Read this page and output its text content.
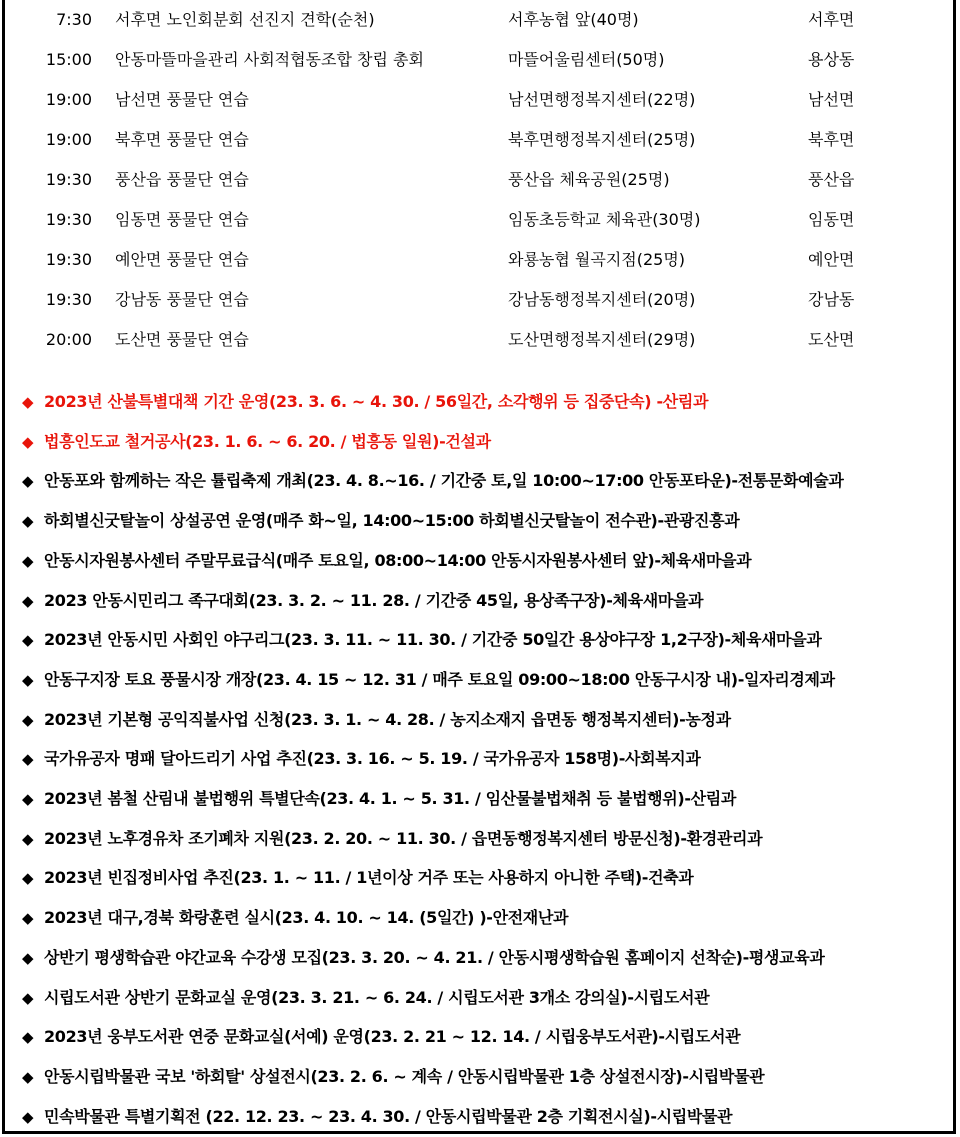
7:30 서후면 노인회분회 선진지 견학(순천)	서후농협 앞(40명)	서후면
15:00 안동마뜰마을관리 사회적협동조합 창립 총회	마뜰어울림센터(50명)	용상동
19:00 남선면 풍물단 연습	남선면행정복지센터(22명)	남선면
19:00 북후면 풍물단 연습	북후면행정복지센터(25명)	북후면
19:30 풍산읍 풍물단 연습	풍산읍 체육공원(25명)	풍산읍
19:30 임동면 풍물단 연습	임동초등학교 체육관(30명)	임동면
19:30 예안면 풍물단 연습	와룡농협 월곡지점(25명)	예안면
19:30 강남동 풍물단 연습	강남동행정복지센터(20명)	강남동
20:00 도산면 풍물단 연습	도산면행정복지센터(29명)	도산면
◆ 2023년 산불특별대책 기간 운영(23. 3. 6. ~ 4. 30. / 56일간, 소각행위 등 집중단속) -산림과
◆ 법흥인도교 철거공사(23. 1. 6. ~ 6. 20. / 법흥동 일원)-건설과
◆ 안동포와 함께하는 작은 튤립축제 개최(23. 4. 8.~16. / 기간중 토,일 10:00~17:00 안동포타운)-전통문화예술과
◆ 하회별신굿탈놀이 상설공연 운영(매주 화~일, 14:00~15:00 하회별신굿탈놀이 전수관)-관광진흥과
◆ 안동시자원봉사센터 주말무료급식(매주 토요일, 08:00~14:00 안동시자원봉사센터 앞)-체육새마을과
◆ 2023 안동시민리그 족구대회(23. 3. 2. ~ 11. 28. / 기간중 45일, 용상족구장)-체육새마을과
◆ 2023년 안동시민 사회인 야구리그(23. 3. 11. ~ 11. 30. / 기간중 50일간 용상야구장 1,2구장)-체육새마을과
◆ 안동구지장 토요 풍물시장 개장(23. 4. 15 ~ 12. 31 / 매주 토요일 09:00~18:00 안동구시장 내)-일자리경제과
◆ 2023년 기본형 공익직불사업 신청(23. 3. 1. ~ 4. 28. / 농지소재지 읍면동 행정복지센터)-농정과
◆ 국가유공자 명패 달아드리기 사업 추진(23. 3. 16. ~ 5. 19. / 국가유공자 158명)-사회복지과
◆ 2023년 봄철 산림내 불법행위 특별단속(23. 4. 1. ~ 5. 31. / 임산물불법채취 등 불법행위)-산림과
◆ 2023년 노후경유차 조기폐차 지원(23. 2. 20. ~ 11. 30. / 읍면동행정복지센터 방문신청)-환경관리과
◆ 2023년 빈집정비사업 추진(23. 1. ~ 11. / 1년이상 거주 또는 사용하지 아니한 주택)-건축과
◆ 2023년 대구,경북 화랑훈련 실시(23. 4. 10. ~ 14. (5일간) )-안전재난과
◆ 상반기 평생학습관 야간교육 수강생 모집(23. 3. 20. ~ 4. 21. / 안동시평생학습원 홈페이지 선착순)-평생교육과
◆ 시립도서관 상반기 문화교실 운영(23. 3. 21. ~ 6. 24. / 시립도서관 3개소 강의실)-시립도서관
◆ 2023년 웅부도서관 연중 문화교실(서예) 운영(23. 2. 21 ~ 12. 14. / 시립웅부도서관)-시립도서관
◆ 안동시립박물관 국보 '하회탈' 상설전시(23. 2. 6. ~ 계속 / 안동시립박물관 1층 상설전시장)-시립박물관
◆ 민속박물관 특별기획전 (22. 12. 23. ~ 23. 4. 30. / 안동시립박물관 2층 기획전시실)-시립박물관
